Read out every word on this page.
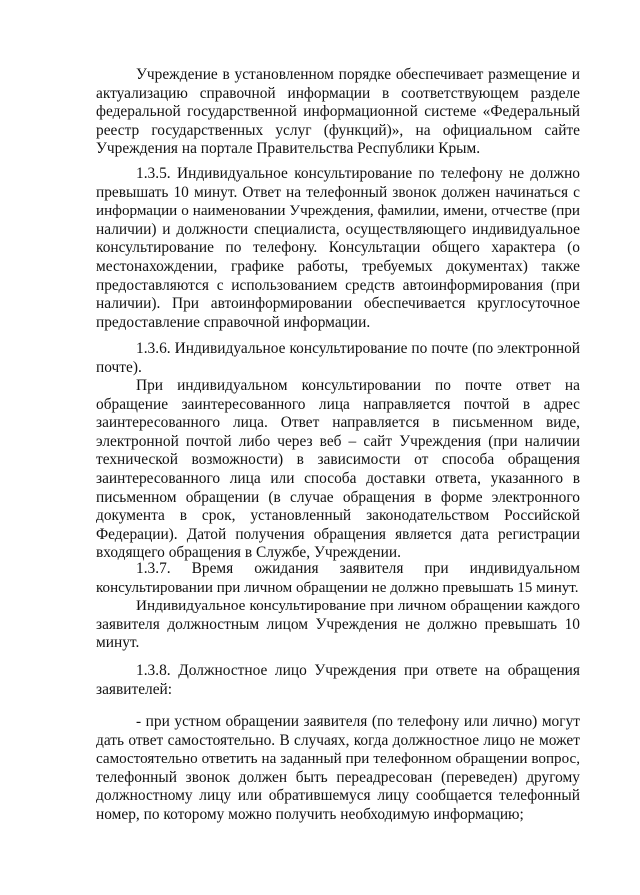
Учреждение в установленном порядке обеспечивает размещение и
актуализацию справочной информации в соответствующем разделе
федеральной государственной информационной системе «Федеральный
реестр государственных услуг (функций)», на официальном сайте
Учреждения на портале Правительства Республики Крым.
1.3.5. Индивидуальное консультирование по телефону не должно
превышать 10 минут. Ответ на телефонный звонок должен начинаться с
информации о наименовании Учреждения, фамилии, имени, отчестве (при
наличии) и должности специалиста, осуществляющего индивидуальное
консультирование по телефону. Консультации общего характера (о
местонахождении, графике работы, требуемых документах) также
предоставляются с использованием средств автоинформирования (при
наличии). При автоинформировании обеспечивается круглосуточное
предоставление справочной информации.
1.3.6. Индивидуальное консультирование по почте (по электронной
почте).
При индивидуальном консультировании по почте ответ на
обращение заинтересованного лица направляется почтой в адрес
заинтересованного лица. Ответ направляется в письменном виде,
электронной почтой либо через веб – сайт Учреждения (при наличии
технической возможности) в зависимости от способа обращения
заинтересованного лица или способа доставки ответа, указанного в
письменном обращении (в случае обращения в форме электронного
документа в срок, установленный законодательством Российской
Федерации). Датой получения обращения является дата регистрации
входящего обращения в Службе, Учреждении.
1.3.7. Время ожидания заявителя при индивидуальном
консультировании при личном обращении не должно превышать 15 минут.
Индивидуальное консультирование при личном обращении каждого
заявителя должностным лицом Учреждения не должно превышать 10
минут.
1.3.8. Должностное лицо Учреждения при ответе на обращения
заявителей:
- при устном обращении заявителя (по телефону или лично) могут
дать ответ самостоятельно. В случаях, когда должностное лицо не может
самостоятельно ответить на заданный при телефонном обращении вопрос,
телефонный звонок должен быть переадресован (переведен) другому
должностному лицу или обратившемуся лицу сообщается телефонный
номер, по которому можно получить необходимую информацию;
